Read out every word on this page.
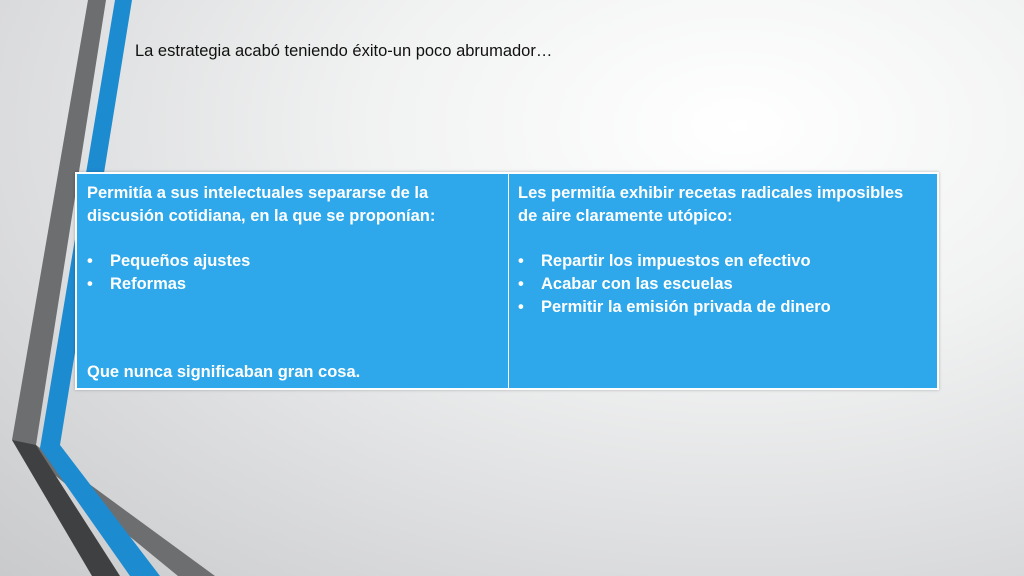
La estrategia acabó teniendo éxito-un poco abrumador…

Permitía a sus intelectuales separarse de la discusión cotidiana, en la que se proponían:

• Pequeños ajustes
• Reformas

Que nunca significaban gran cosa.

Les permitía exhibir recetas radicales imposibles de aire claramente utópico:

• Repartir los impuestos en efectivo
• Acabar con las escuelas
• Permitir la emisión privada de dinero
